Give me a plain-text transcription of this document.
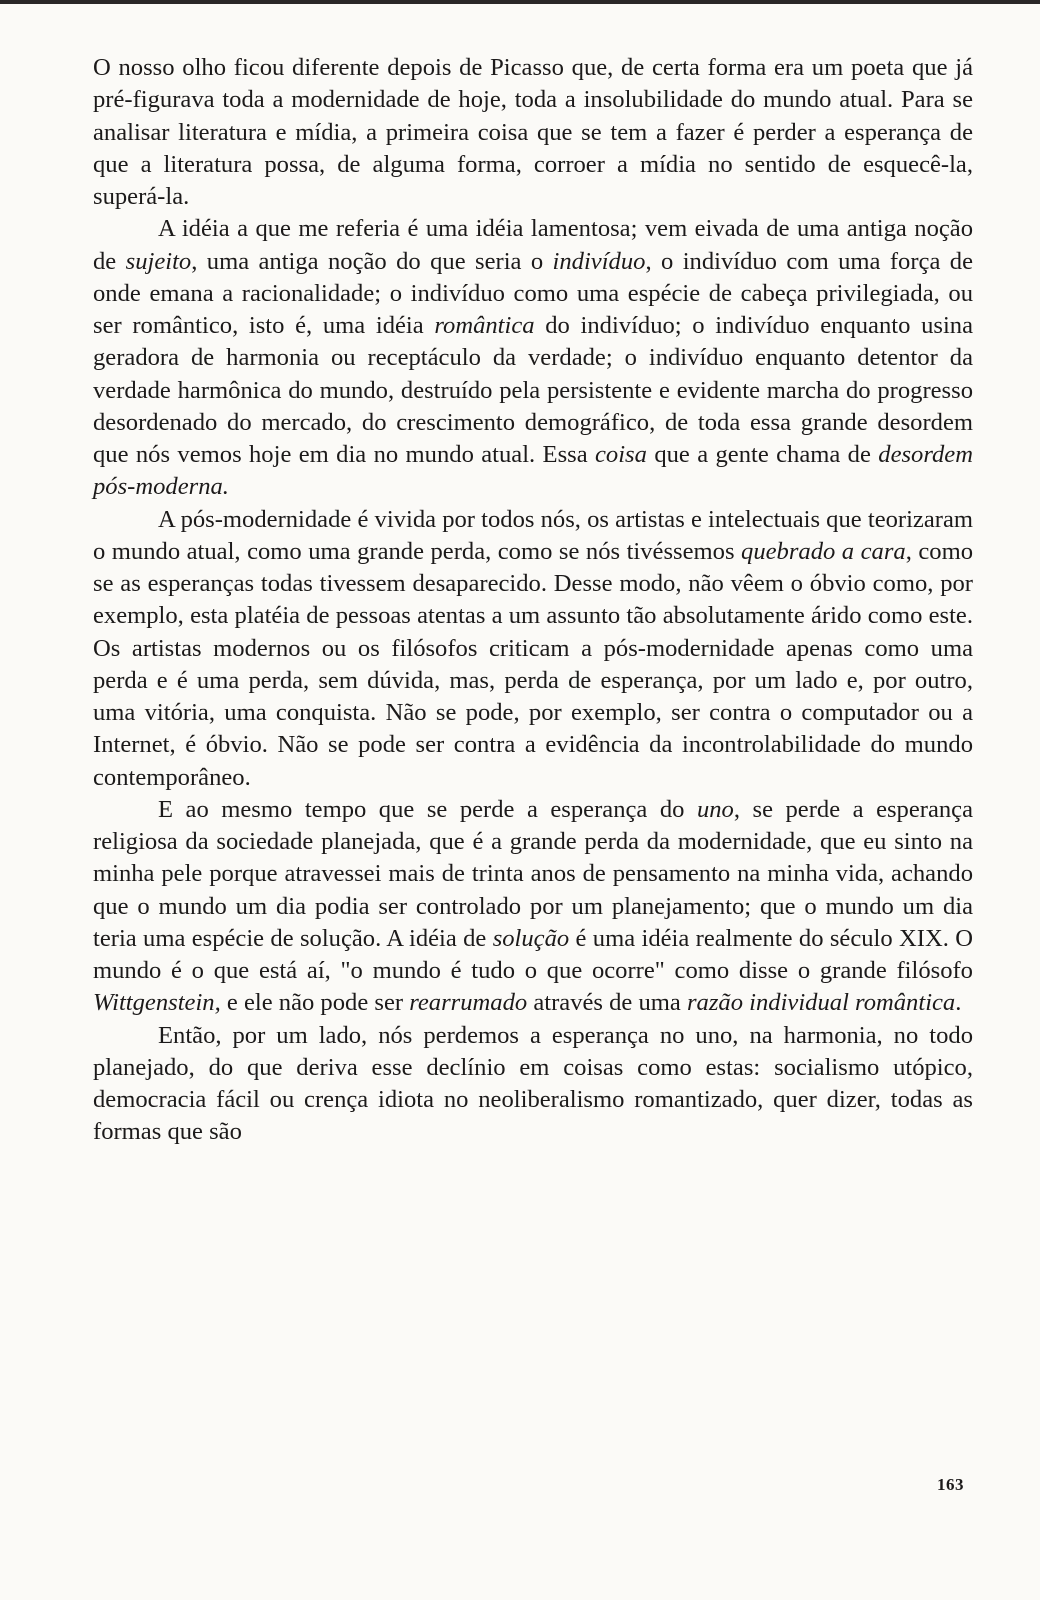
O nosso olho ficou diferente depois de Picasso que, de certa forma era um poeta que já pré-figurava toda a modernidade de hoje, toda a insolubilidade do mundo atual. Para se analisar literatura e mídia, a primeira coisa que se tem a fazer é perder a esperança de que a literatura possa, de alguma forma, corroer a mídia no sentido de esquecê-la, superá-la.

A idéia a que me referia é uma idéia lamentosa; vem eivada de uma antiga noção de sujeito, uma antiga noção do que seria o indivíduo, o indivíduo com uma força de onde emana a racionalidade; o indivíduo como uma espécie de cabeça privilegiada, ou ser romântico, isto é, uma idéia romântica do indivíduo; o indivíduo enquanto usina geradora de harmonia ou receptáculo da verdade; o indivíduo enquanto detentor da verdade harmônica do mundo, destruído pela persistente e evidente marcha do progresso desordenado do mercado, do crescimento demográfico, de toda essa grande desordem que nós vemos hoje em dia no mundo atual. Essa coisa que a gente chama de desordem pós-moderna.

A pós-modernidade é vivida por todos nós, os artistas e intelectuais que teorizaram o mundo atual, como uma grande perda, como se nós tivéssemos quebrado a cara, como se as esperanças todas tivessem desaparecido. Desse modo, não vêem o óbvio como, por exemplo, esta platéia de pessoas atentas a um assunto tão absolutamente árido como este. Os artistas modernos ou os filósofos criticam a pós-modernidade apenas como uma perda e é uma perda, sem dúvida, mas, perda de esperança, por um lado e, por outro, uma vitória, uma conquista. Não se pode, por exemplo, ser contra o computador ou a Internet, é óbvio. Não se pode ser contra a evidência da incontrolabilidade do mundo contemporâneo.

E ao mesmo tempo que se perde a esperança do uno, se perde a esperança religiosa da sociedade planejada, que é a grande perda da modernidade, que eu sinto na minha pele porque atravessei mais de trinta anos de pensamento na minha vida, achando que o mundo um dia podia ser controlado por um planejamento; que o mundo um dia teria uma espécie de solução. A idéia de solução é uma idéia realmente do século XIX. O mundo é o que está aí, "o mundo é tudo o que ocorre" como disse o grande filósofo Wittgenstein, e ele não pode ser rearrumado através de uma razão individual romântica.

Então, por um lado, nós perdemos a esperança no uno, na harmonia, no todo planejado, do que deriva esse declínio em coisas como estas: socialismo utópico, democracia fácil ou crença idiota no neoliberalismo romantizado, quer dizer, todas as formas que são

163
